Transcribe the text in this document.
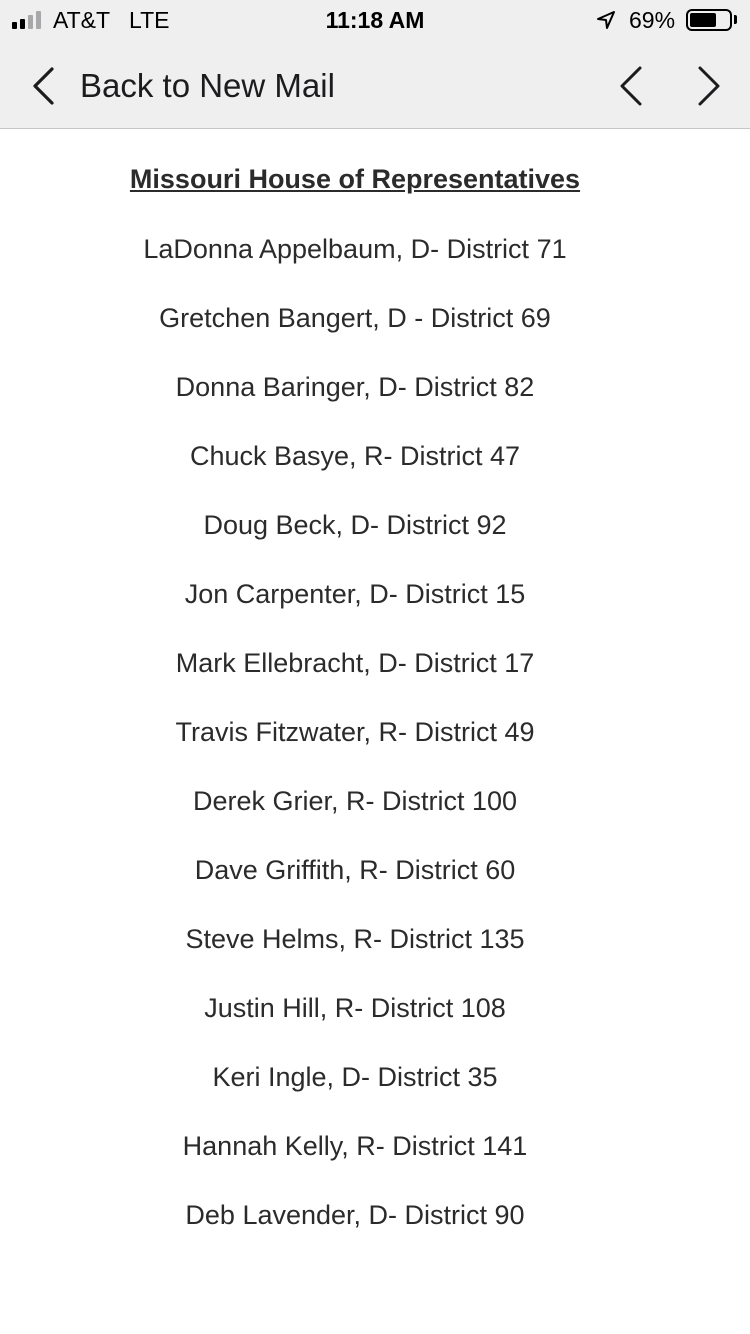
AT&T LTE	11:18 AM	69%
Back to New Mail
Missouri House of Representatives
LaDonna Appelbaum, D- District 71
Gretchen Bangert, D - District 69
Donna Baringer, D- District 82
Chuck Basye, R- District 47
Doug Beck, D- District 92
Jon Carpenter, D- District 15
Mark Ellebracht, D- District 17
Travis Fitzwater, R- District 49
Derek Grier, R- District 100
Dave Griffith, R- District 60
Steve Helms, R- District 135
Justin Hill, R- District 108
Keri Ingle, D- District 35
Hannah Kelly, R- District 141
Deb Lavender, D- District 90
